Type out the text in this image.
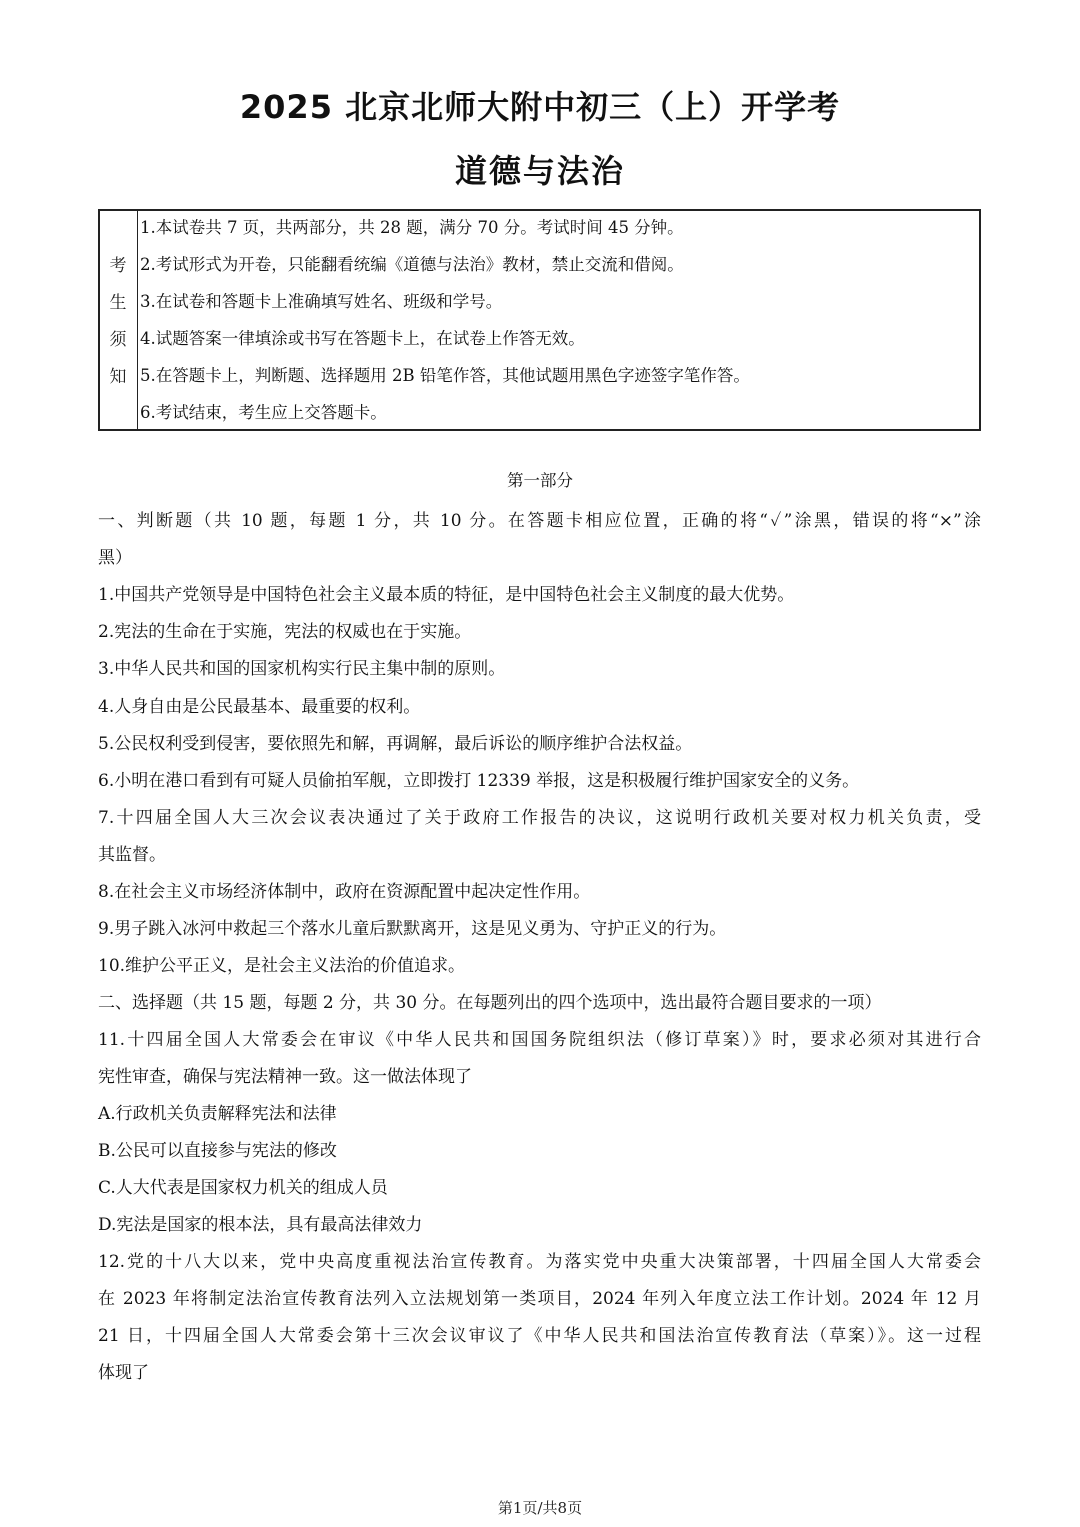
2025 北京北师大附中初三（上）开学考
道德与法治
考
生
须
知
1.本试卷共 7 页，共两部分，共 28 题，满分 70 分。考试时间 45 分钟。
2.考试形式为开卷，只能翻看统编《道德与法治》教材，禁止交流和借阅。
3.在试卷和答题卡上准确填写姓名、班级和学号。
4.试题答案一律填涂或书写在答题卡上，在试卷上作答无效。
5.在答题卡上，判断题、选择题用 2B 铅笔作答，其他试题用黑色字迹签字笔作答。
6.考试结束，考生应上交答题卡。
第一部分
一、判断题（共 10 题，每题 1 分，共 10 分。在答题卡相应位置，正确的将“✓”涂黑，错误的将“×”涂
黑）
1.中国共产党领导是中国特色社会主义最本质的特征，是中国特色社会主义制度的最大优势。
2.宪法的生命在于实施，宪法的权威也在于实施。
3.中华人民共和国的国家机构实行民主集中制的原则。
4.人身自由是公民最基本、最重要的权利。
5.公民权利受到侵害，要依照先和解，再调解，最后诉讼的顺序维护合法权益。
6.小明在港口看到有可疑人员偷拍军舰，立即拨打 12339 举报，这是积极履行维护国家安全的义务。
7.十四届全国人大三次会议表决通过了关于政府工作报告的决议，这说明行政机关要对权力机关负责，受
其监督。
8.在社会主义市场经济体制中，政府在资源配置中起决定性作用。
9.男子跳入冰河中救起三个落水儿童后默默离开，这是见义勇为、守护正义的行为。
10.维护公平正义，是社会主义法治的价值追求。
二、选择题（共 15 题，每题 2 分，共 30 分。在每题列出的四个选项中，选出最符合题目要求的一项）
11.十四届全国人大常委会在审议《中华人民共和国国务院组织法（修订草案）》时，要求必须对其进行合
宪性审查，确保与宪法精神一致。这一做法体现了
A.行政机关负责解释宪法和法律
B.公民可以直接参与宪法的修改
C.人大代表是国家权力机关的组成人员
D.宪法是国家的根本法，具有最高法律效力
12.党的十八大以来，党中央高度重视法治宣传教育。为落实党中央重大决策部署，十四届全国人大常委会
在 2023 年将制定法治宣传教育法列入立法规划第一类项目，2024 年列入年度立法工作计划。2024 年 12 月
21 日，十四届全国人大常委会第十三次会议审议了《中华人民共和国法治宣传教育法（草案）》。这一过程
体现了
第1页/共8页
